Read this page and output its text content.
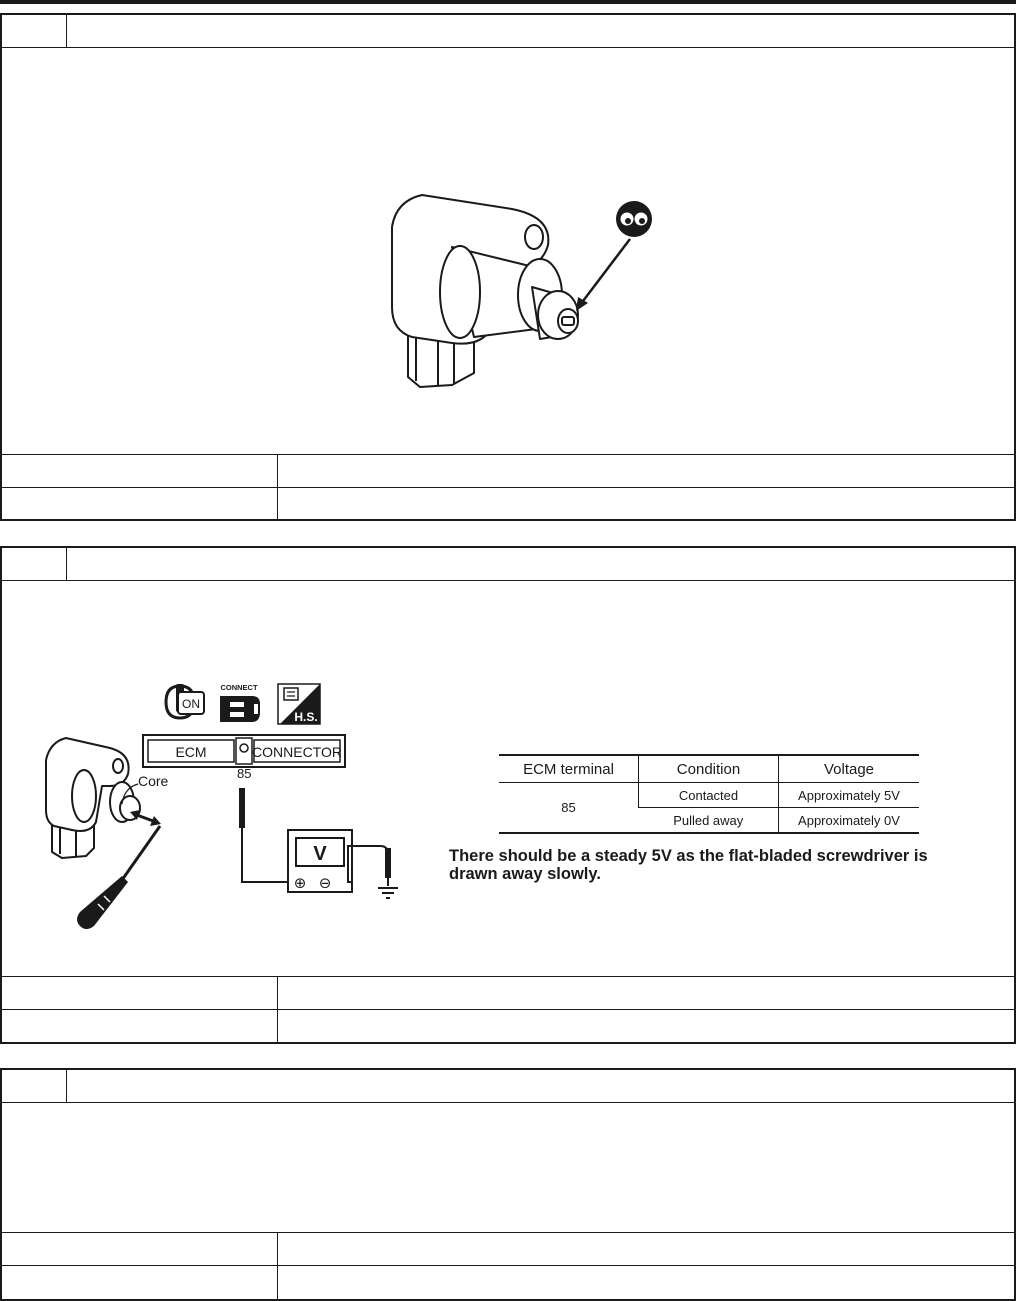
ON
CONNECT
H.S.
ECM	CONNECTOR
85
Core
V
⊕ ⊖
ECM terminal	Condition	Voltage
85	Contacted	Approximately 5V
	Pulled away	Approximately 0V
There should be a steady 5V as the flat-bladed screwdriver is drawn away slowly.
